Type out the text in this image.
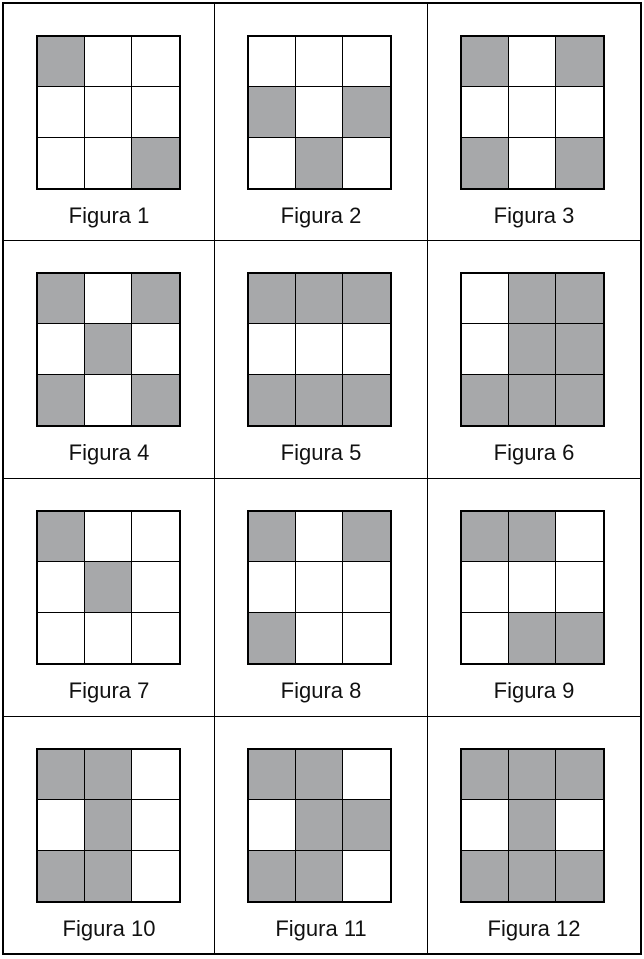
Figura 1	Figura 2	Figura 3
Figura 4	Figura 5	Figura 6
Figura 7	Figura 8	Figura 9
Figura 10	Figura 11	Figura 12
